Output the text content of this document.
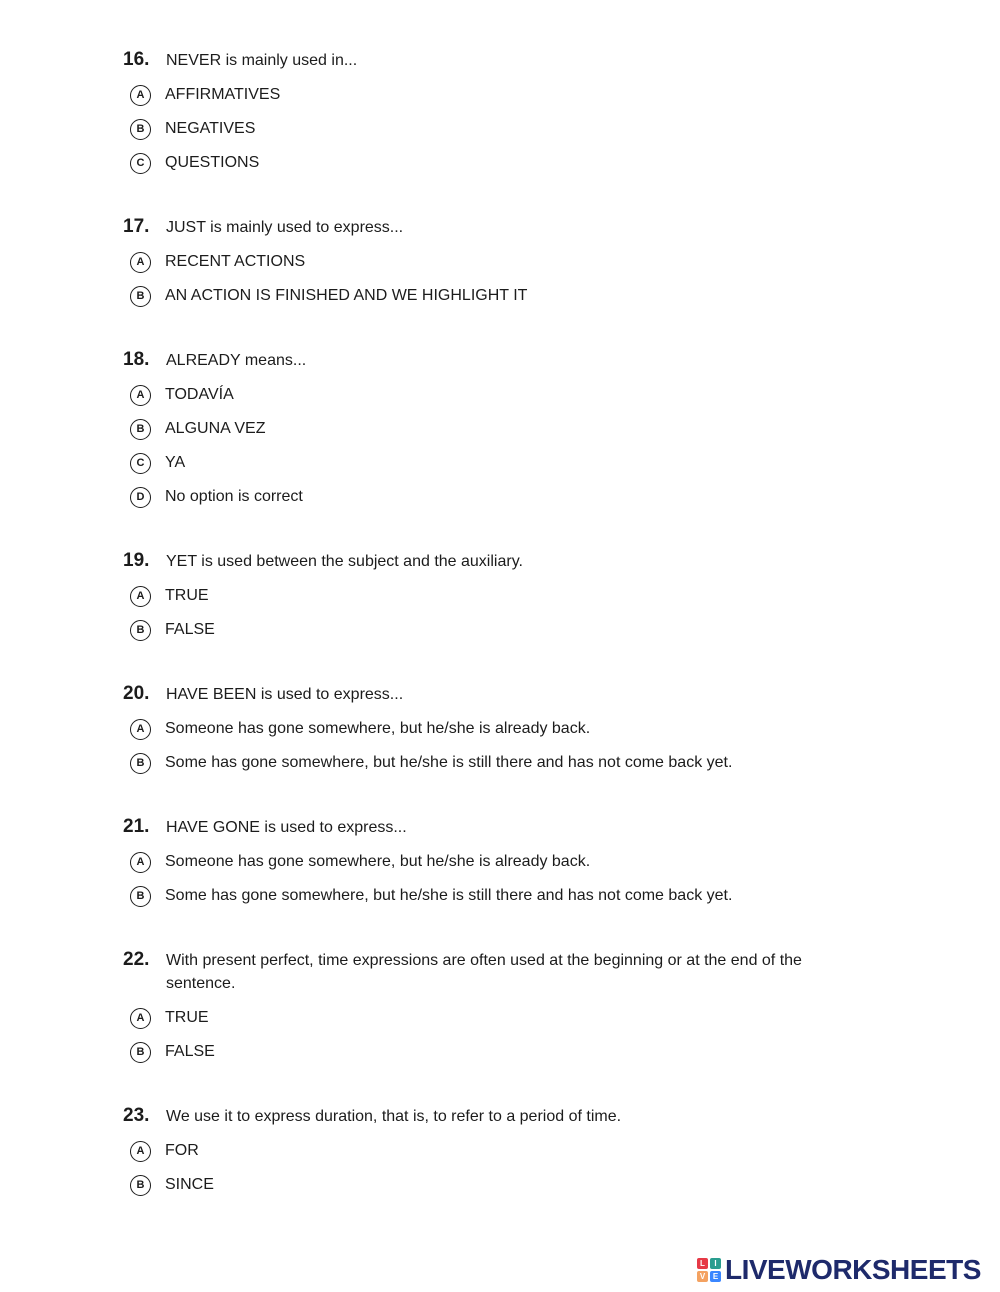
16.	NEVER is mainly used in...
A	AFFIRMATIVES
B	NEGATIVES
C	QUESTIONS
17.	JUST is mainly used to express...
A	RECENT ACTIONS
B	AN ACTION IS FINISHED AND WE HIGHLIGHT IT
18.	ALREADY means...
A	TODAVÍA
B	ALGUNA VEZ
C	YA
D	No option is correct
19.	YET is used between the subject and the auxiliary.
A	TRUE
B	FALSE
20.	HAVE BEEN is used to express...
A	Someone has gone somewhere, but he/she is already back.
B	Some has gone somewhere, but he/she is still there and has not come back yet.
21.	HAVE GONE is used to express...
A	Someone has gone somewhere, but he/she is already back.
B	Some has gone somewhere, but he/she is still there and has not come back yet.
22.	With present perfect, time expressions are often used at the beginning or at the end of the sentence.
A	TRUE
B	FALSE
23.	We use it to express duration, that is, to refer to a period of time.
A	FOR
B	SINCE
L	I
V E LIVEWORKSHEETS
